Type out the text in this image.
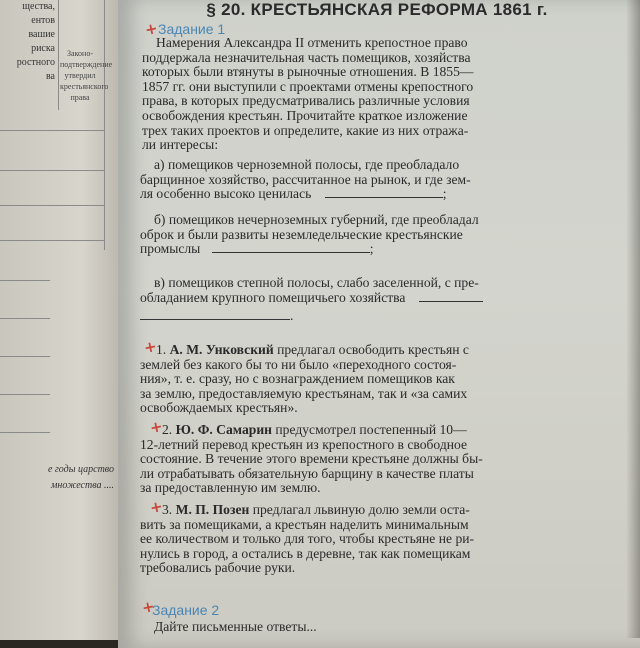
щества,
ентов
вашие
риска
ростного
ва
Законо-подтверждение утвердил крестьянского права
е годы царство
множества ....
§ 20. КРЕСТЬЯНСКАЯ РЕФОРМА 1861 г.
+
Задание 1
Намерения Александра II отменить крепостное право
поддержала незначительная часть помещиков, хозяйства
которых были втянуты в рыночные отношения. В 1855—
1857 гг. они выступили с проектами отмены крепостного
права, в которых предусматривались различные условия
освобождения крестьян. Прочитайте краткое изложение
трех таких проектов и определите, какие из них отража-
ли интересы:
а) помещиков черноземной полосы, где преобладало
барщинное хозяйство, рассчитанное на рынок, и где зем-
ля особенно высоко ценилась	;
б) помещиков нечерноземных губерний, где преобладал
оброк и были развиты неземледельческие крестьянские
промыслы	;
в) помещиков степной полосы, слабо заселенной, с пре-
обладанием крупного помещичьего хозяйства
.
+
1. А. М. Унковский предлагал освободить крестьян с
землей без какого бы то ни было «переходного состоя-
ния», т. е. сразу, но с вознаграждением помещиков как
за землю, предоставляемую крестьянам, так и «за самих
освобождаемых крестьян».
+
2. Ю. Ф. Самарин предусмотрел постепенный 10—
12-летний перевод крестьян из крепостного в свободное
состояние. В течение этого времени крестьяне должны бы-
ли отрабатывать обязательную барщину в качестве платы
за предоставленную им землю.
+
3. М. П. Позен предлагал львиную долю земли оста-
вить за помещиками, а крестьян наделить минимальным
ее количеством и только для того, чтобы крестьяне не ри-
нулись в город, а остались в деревне, так как помещикам
требовались рабочие руки.
+
Задание 2
Дайте письменные ответы...
